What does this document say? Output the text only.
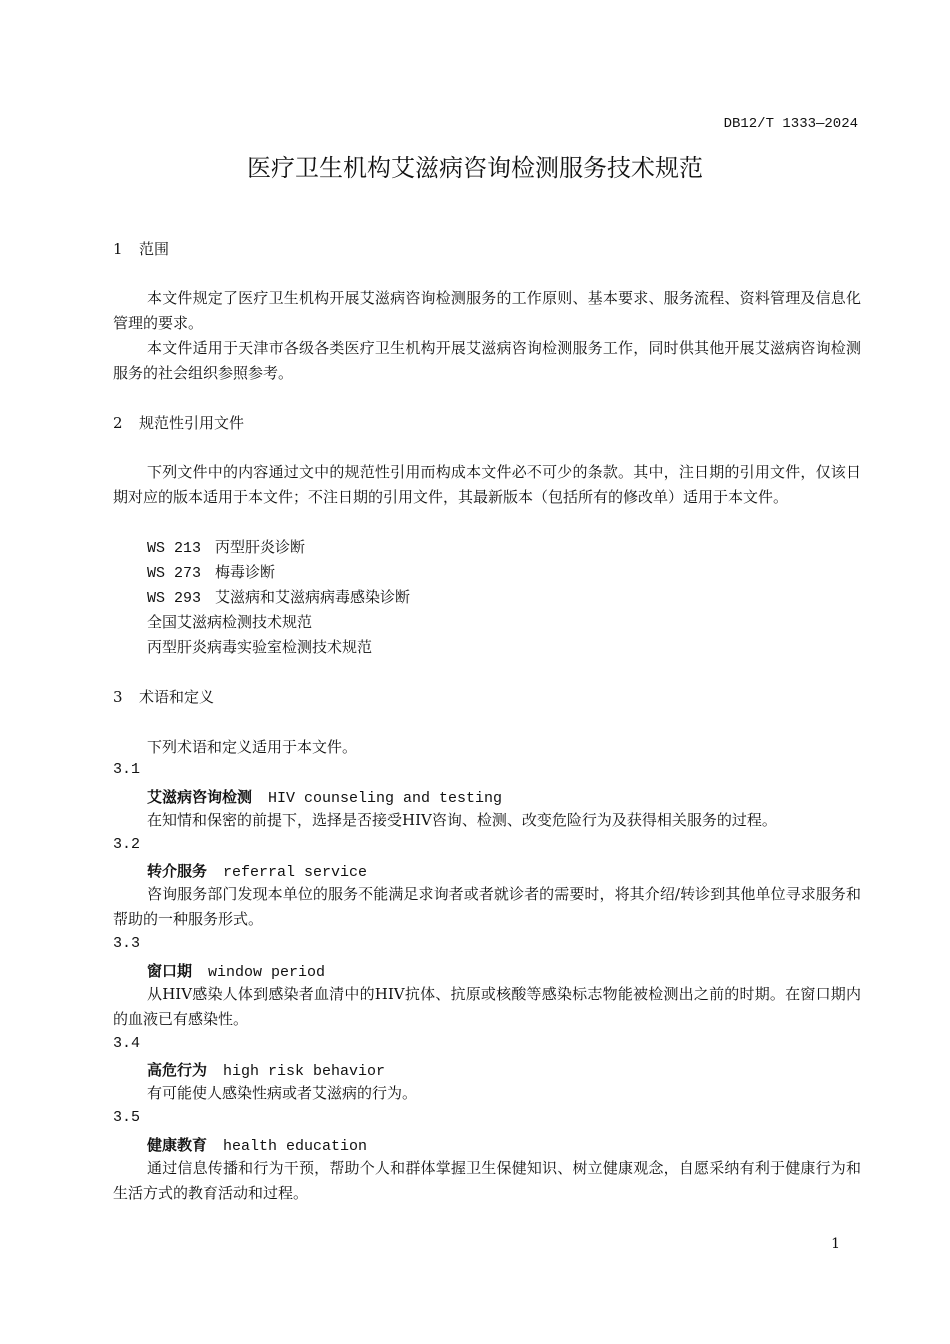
DB12/T 1333—2024
医疗卫生机构艾滋病咨询检测服务技术规范
1 范围
本文件规定了医疗卫生机构开展艾滋病咨询检测服务的工作原则、基本要求、服务流程、资料管理及信息化管理的要求。
本文件适用于天津市各级各类医疗卫生机构开展艾滋病咨询检测服务工作，同时供其他开展艾滋病咨询检测服务的社会组织参照参考。
2 规范性引用文件
下列文件中的内容通过文中的规范性引用而构成本文件必不可少的条款。其中，注日期的引用文件，仅该日期对应的版本适用于本文件；不注日期的引用文件，其最新版本（包括所有的修改单）适用于本文件。
WS 213 丙型肝炎诊断
WS 273 梅毒诊断
WS 293 艾滋病和艾滋病病毒感染诊断
全国艾滋病检测技术规范
丙型肝炎病毒实验室检测技术规范
3 术语和定义
下列术语和定义适用于本文件。
3.1
艾滋病咨询检测 HIV counseling and testing
在知情和保密的前提下，选择是否接受HIV咨询、检测、改变危险行为及获得相关服务的过程。
3.2
转介服务 referral service
咨询服务部门发现本单位的服务不能满足求询者或者就诊者的需要时，将其介绍/转诊到其他单位寻求服务和帮助的一种服务形式。
3.3
窗口期 window period
从HIV感染人体到感染者血清中的HIV抗体、抗原或核酸等感染标志物能被检测出之前的时期。在窗口期内的血液已有感染性。
3.4
高危行为 high risk behavior
有可能使人感染性病或者艾滋病的行为。
3.5
健康教育 health education
通过信息传播和行为干预，帮助个人和群体掌握卫生保健知识、树立健康观念，自愿采纳有利于健康行为和生活方式的教育活动和过程。
1
